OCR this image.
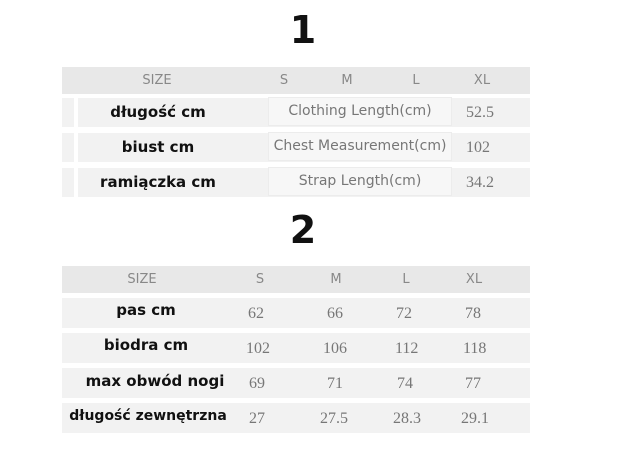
1
SIZE	S	M	L	XL
długość cm	Clothing Length(cm)	52.5
biust cm	Chest Measurement(cm)	102
ramiączka cm	Strap Length(cm)	34.2
2
SIZE	S	M	L	XL
pas cm	62	66	72	78
biodra cm	102	106	112	118
max obwód nogi	69	71	74	77
długość zewnętrzna	27	27.5	28.3	29.1
